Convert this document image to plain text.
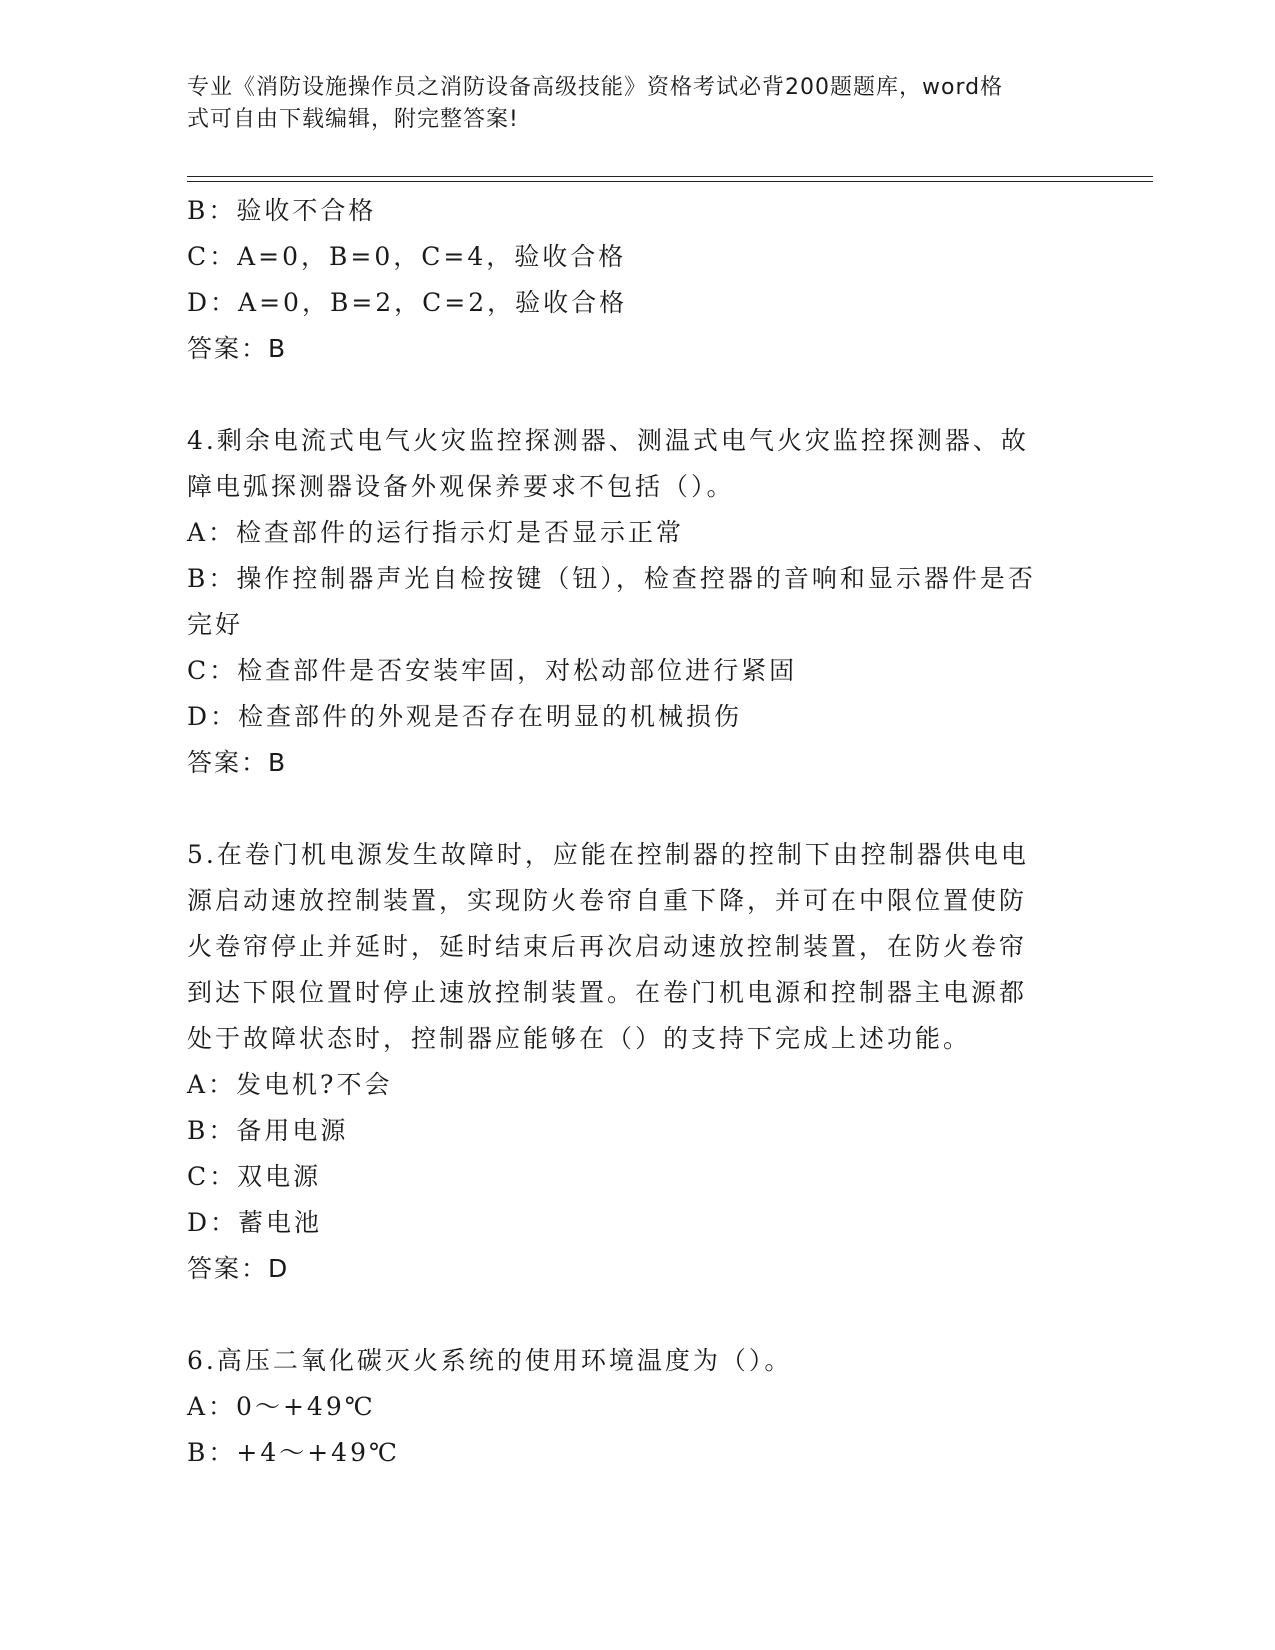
专业《消防设施操作员之消防设备高级技能》资格考试必背200题题库，word格
式可自由下载编辑，附完整答案!
B：验收不合格
C：A=0，B=0，C=4，验收合格
D：A=0，B=2，C=2，验收合格
答案：B
4.剩余电流式电气火灾监控探测器、测温式电气火灾监控探测器、故
障电弧探测器设备外观保养要求不包括（）。
A：检查部件的运行指示灯是否显示正常
B：操作控制器声光自检按键（钮），检查控器的音响和显示器件是否
完好
C：检查部件是否安装牢固，对松动部位进行紧固
D：检查部件的外观是否存在明显的机械损伤
答案：B
5.在卷门机电源发生故障时，应能在控制器的控制下由控制器供电电
源启动速放控制装置，实现防火卷帘自重下降，并可在中限位置使防
火卷帘停止并延时，延时结束后再次启动速放控制装置，在防火卷帘
到达下限位置时停止速放控制装置。在卷门机电源和控制器主电源都
处于故障状态时，控制器应能够在（）的支持下完成上述功能。
A：发电机?不会
B：备用电源
C：双电源
D：蓄电池
答案：D
6.高压二氧化碳灭火系统的使用环境温度为（）。
A：0～+49℃
B：+4～+49℃
